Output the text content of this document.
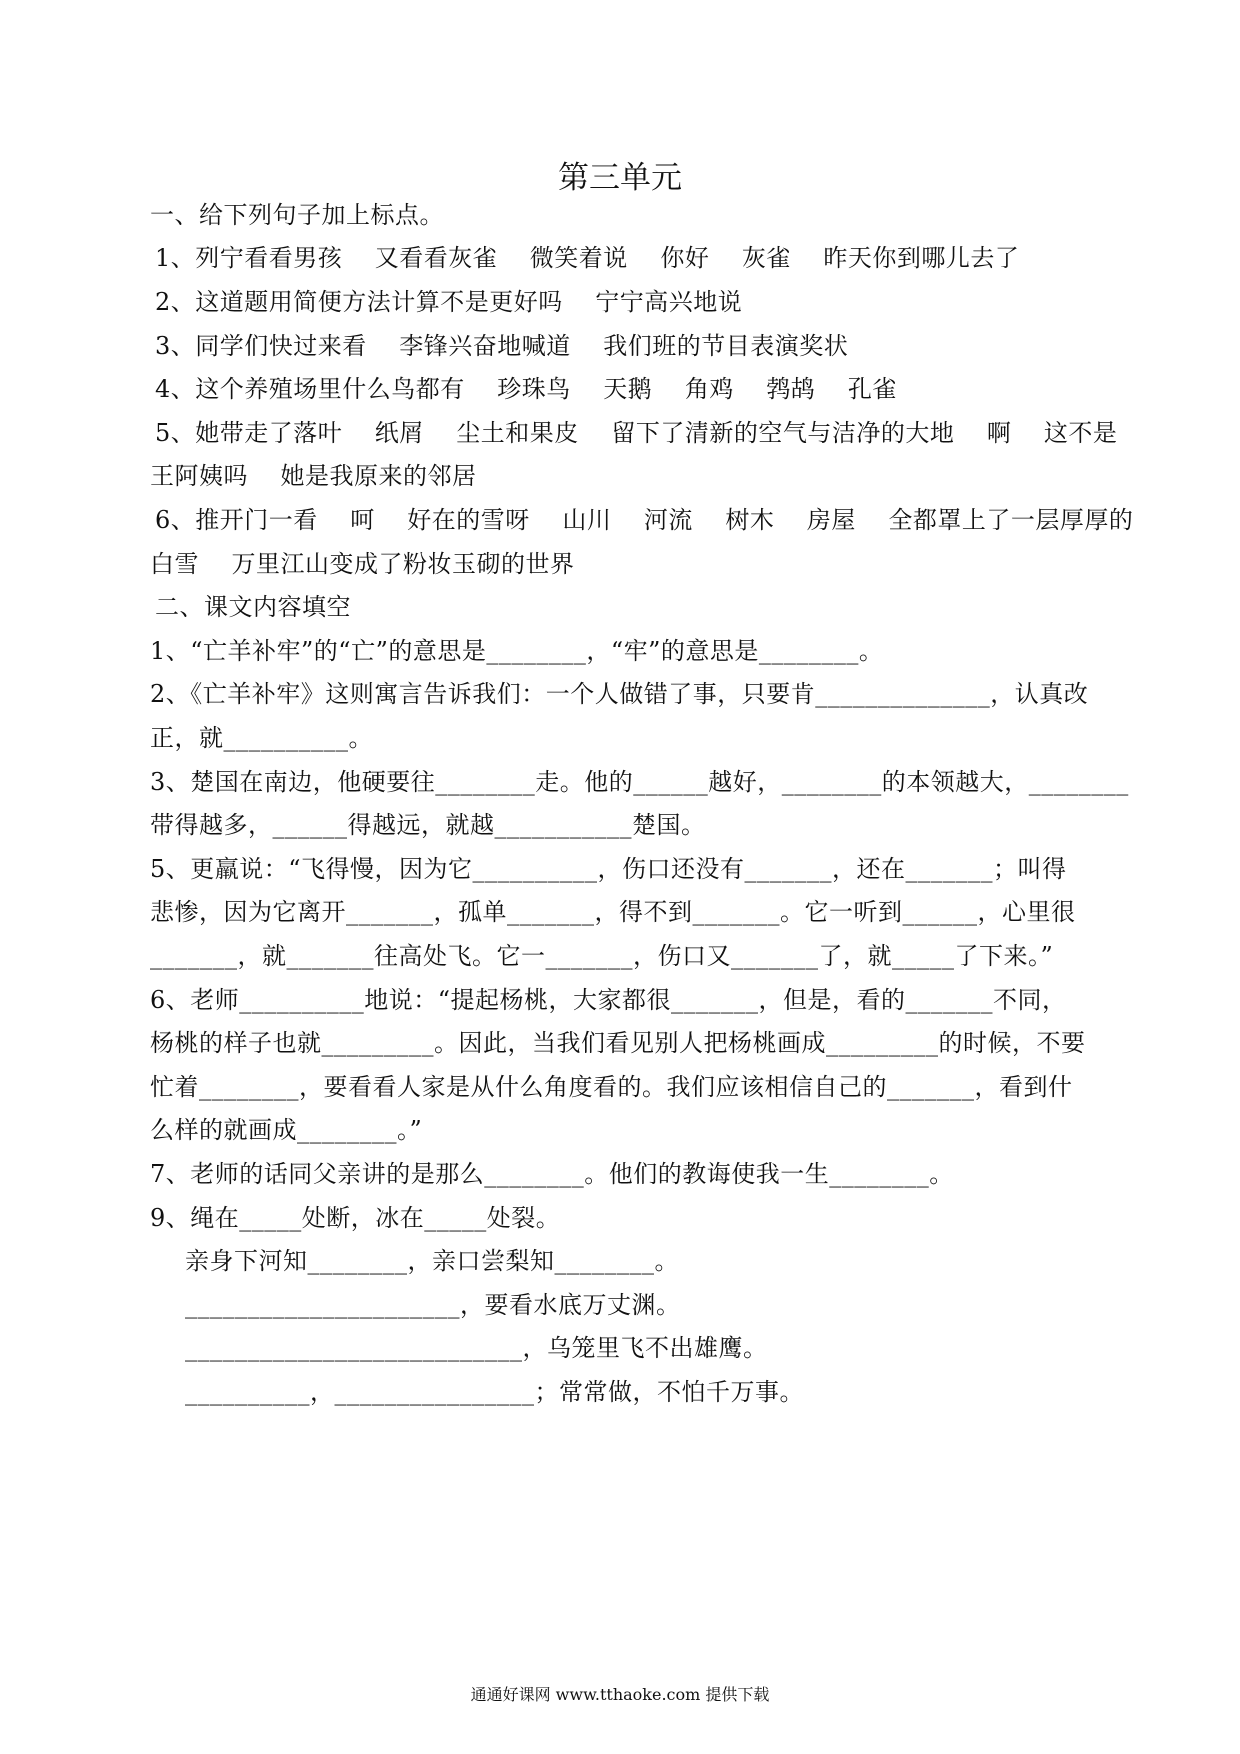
第三单元
一、给下列句子加上标点。
1、列宁看看男孩    又看看灰雀    微笑着说    你好    灰雀    昨天你到哪儿去了
2、这道题用简便方法计算不是更好吗    宁宁高兴地说
3、同学们快过来看    李锋兴奋地喊道    我们班的节目表演奖状
4、这个养殖场里什么鸟都有    珍珠鸟    天鹅    角鸡    鹁鸪    孔雀
5、她带走了落叶    纸屑    尘土和果皮    留下了清新的空气与洁净的大地    啊    这不是
王阿姨吗    她是我原来的邻居
6、推开门一看    呵    好在的雪呀    山川    河流    树木    房屋    全都罩上了一层厚厚的
白雪    万里江山变成了粉妆玉砌的世界
二、课文内容填空
1、“亡羊补牢”的“亡”的意思是________，“牢”的意思是________。
2、《亡羊补牢》这则寓言告诉我们：一个人做错了事，只要肯______________，认真改
正，就__________。
3、楚国在南边，他硬要往________走。他的______越好，________的本领越大，________
带得越多，______得越远，就越___________楚国。
5、更羸说：“飞得慢，因为它__________，伤口还没有_______，还在_______；叫得
悲惨，因为它离开_______，孤单_______，得不到_______。它一听到______，心里很
_______，就_______往高处飞。它一_______，伤口又_______了，就_____了下来。”
6、老师__________地说：“提起杨桃，大家都很_______，但是，看的_______不同，
杨桃的样子也就_________。因此，当我们看见别人把杨桃画成_________的时候，不要
忙着________，要看看人家是从什么角度看的。我们应该相信自己的_______，看到什
么样的就画成________。”
7、老师的话同父亲讲的是那么________。他们的教诲使我一生________。
9、绳在_____处断，冰在_____处裂。
亲身下河知________，亲口尝梨知________。
______________________，要看水底万丈渊。
___________________________，乌笼里飞不出雄鹰。
__________，________________；常常做，不怕千万事。
通通好课网 www.tthaoke.com 提供下载
